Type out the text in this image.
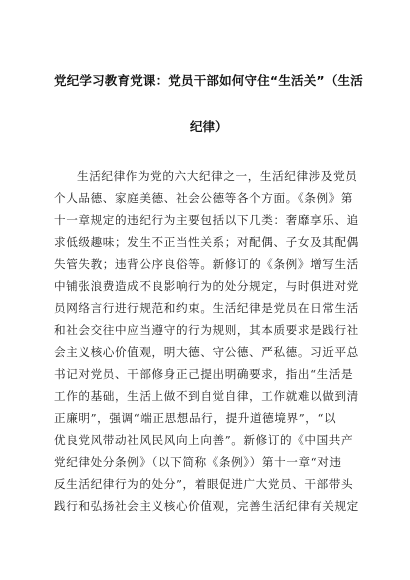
党纪学习教育党课：党员干部如何守住“生活关”（生活
纪律）
生活纪律作为党的六大纪律之一，生活纪律涉及党员
个人品德、家庭美德、社会公德等各个方面。《条例》第
十一章规定的违纪行为主要包括以下几类：奢靡享乐、追
求低级趣味；发生不正当性关系；对配偶、子女及其配偶
失管失教；违背公序良俗等。新修订的《条例》增写生活
中铺张浪费造成不良影响行为的处分规定，与时俱进对党
员网络言行进行规范和约束。生活纪律是党员在日常生活
和社会交往中应当遵守的行为规则，其本质要求是践行社
会主义核心价值观，明大德、守公德、严私德。习近平总
书记对党员、干部修身正己提出明确要求，指出“生活是
工作的基础，生活上做不到自觉自律，工作就难以做到清
正廉明”，强调“端正思想品行，提升道德境界”，“以
优良党风带动社风民风向上向善”。新修订的《中国共产
党纪律处分条例》（以下简称《条例》）第十一章“对违
反生活纪律行为的处分”，着眼促进广大党员、干部带头
践行和弘扬社会主义核心价值观，完善生活纪律有关规定
